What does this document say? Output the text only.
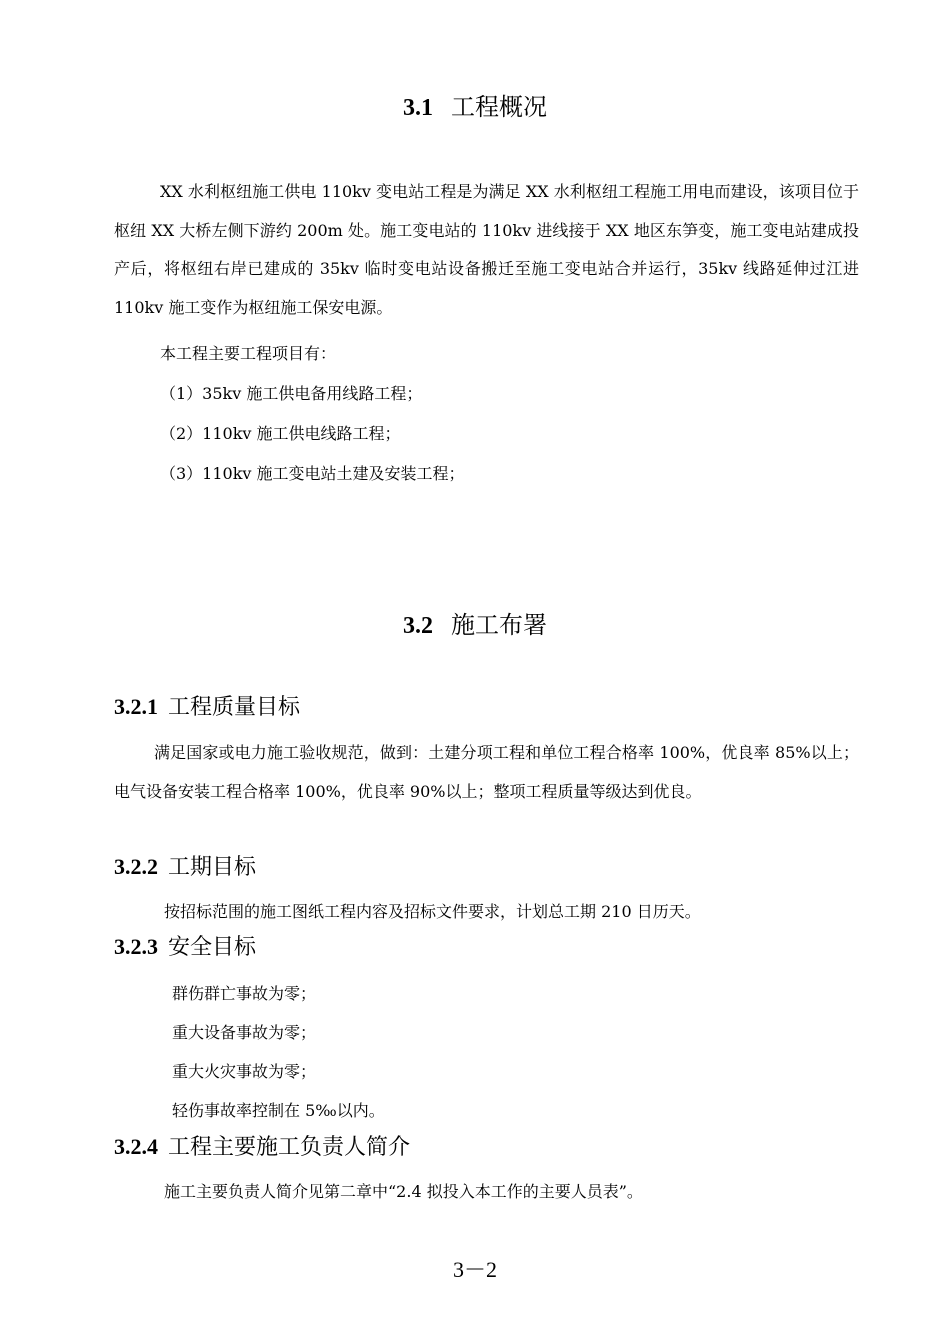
3.1 工程概况
XX 水利枢纽施工供电 110kv 变电站工程是为满足 XX 水利枢纽工程施工用电而建设，该项目位于枢纽 XX 大桥左侧下游约 200m 处。施工变电站的 110kv 进线接于 XX 地区东笋变，施工变电站建成投产后，将枢纽右岸已建成的 35kv 临时变电站设备搬迁至施工变电站合并运行，35kv 线路延伸过江进 110kv 施工变作为枢纽施工保安电源。
本工程主要工程项目有：
（1）35kv 施工供电备用线路工程；
（2）110kv 施工供电线路工程；
（3）110kv 施工变电站土建及安装工程；
3.2 施工布署
3.2.1 工程质量目标
满足国家或电力施工验收规范，做到：土建分项工程和单位工程合格率 100%，优良率 85%以上；电气设备安装工程合格率 100%，优良率 90%以上；整项工程质量等级达到优良。
3.2.2 工期目标
按招标范围的施工图纸工程内容及招标文件要求，计划总工期 210 日历天。
3.2.3 安全目标
群伤群亡事故为零；
重大设备事故为零；
重大火灾事故为零；
轻伤事故率控制在 5‰以内。
3.2.4 工程主要施工负责人简介
施工主要负责人简介见第二章中“2.4 拟投入本工作的主要人员表”。
3－2
